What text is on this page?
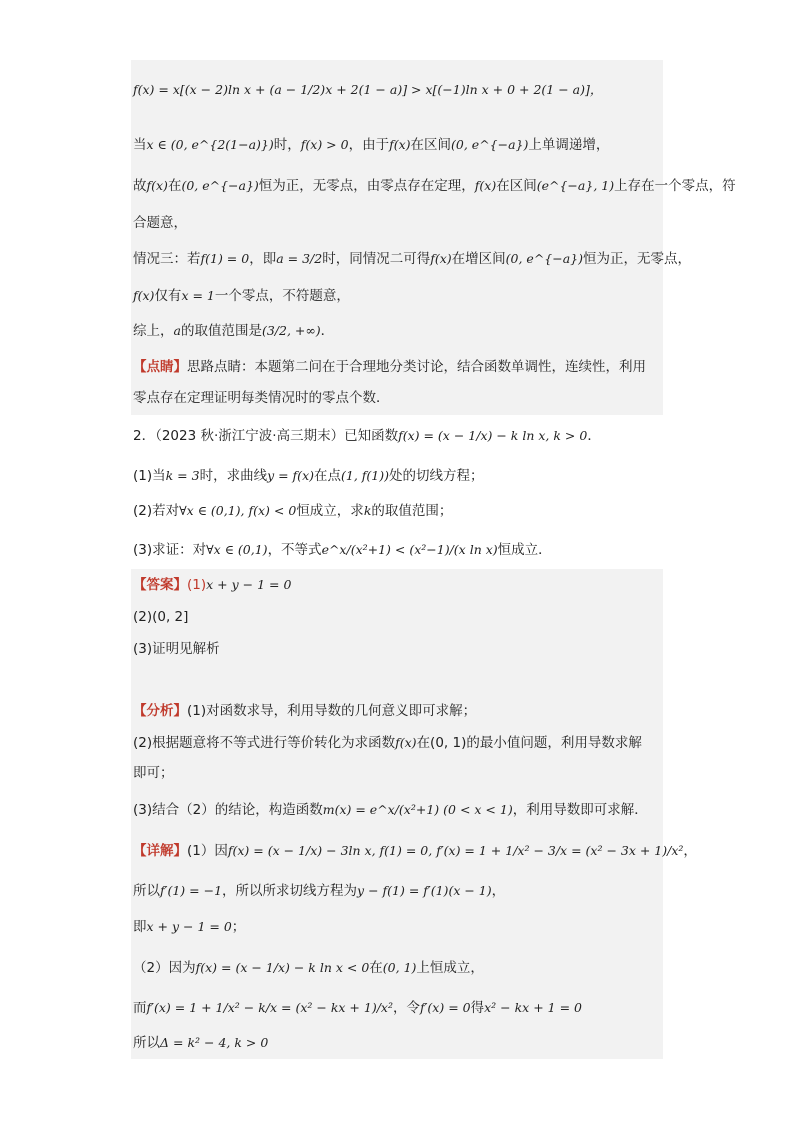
f(x) = x[(x − 2)ln x + (a − 1/2)x + 2(1 − a)] > x[(−1)ln x + 0 + 2(1 − a)]，
当x ∈ (0, e^{2(1−a)})时，f(x) > 0，由于f(x)在区间(0, e^{−a})上单调递增，
故f(x)在(0, e^{−a})恒为正，无零点，由零点存在定理，f(x)在区间(e^{−a}, 1)上存在一个零点，符
合题意，
情况三：若f(1) = 0，即a = 3/2时，同情况二可得f(x)在增区间(0, e^{−a})恒为正，无零点，
f(x)仅有x = 1一个零点，不符题意，
综上，a的取值范围是(3/2, +∞)．
【点睛】思路点睛：本题第二问在于合理地分类讨论，结合函数单调性，连续性，利用
零点存在定理证明每类情况时的零点个数．
2．（2023 秋·浙江宁波·高三期末）已知函数f(x) = (x − 1/x) − k ln x, k > 0．
(1)当k = 3时，求曲线y = f(x)在点(1, f(1))处的切线方程；
(2)若对∀x ∈ (0,1), f(x) < 0恒成立，求k的取值范围；
(3)求证：对∀x ∈ (0,1)，不等式e^x/(x²+1) < (x²−1)/(x ln x)恒成立．
【答案】(1)x + y − 1 = 0
(2)(0, 2]
(3)证明见解析
【分析】(1)对函数求导，利用导数的几何意义即可求解；
(2)根据题意将不等式进行等价转化为求函数f(x)在(0, 1)的最小值问题，利用导数求解
即可；
(3)结合（2）的结论，构造函数m(x) = e^x/(x²+1) (0 < x < 1)，利用导数即可求解．
【详解】(1）因f(x) = (x − 1/x) − 3ln x, f(1) = 0, f′(x) = 1 + 1/x² − 3/x = (x² − 3x + 1)/x²，
所以f′(1) = −1，所以所求切线方程为y − f(1) = f′(1)(x − 1)，
即x + y − 1 = 0；
（2）因为f(x) = (x − 1/x) − k ln x < 0在(0, 1)上恒成立，
而f′(x) = 1 + 1/x² − k/x = (x² − kx + 1)/x²，令f′(x) = 0得x² − kx + 1 = 0
所以Δ = k² − 4, k > 0
